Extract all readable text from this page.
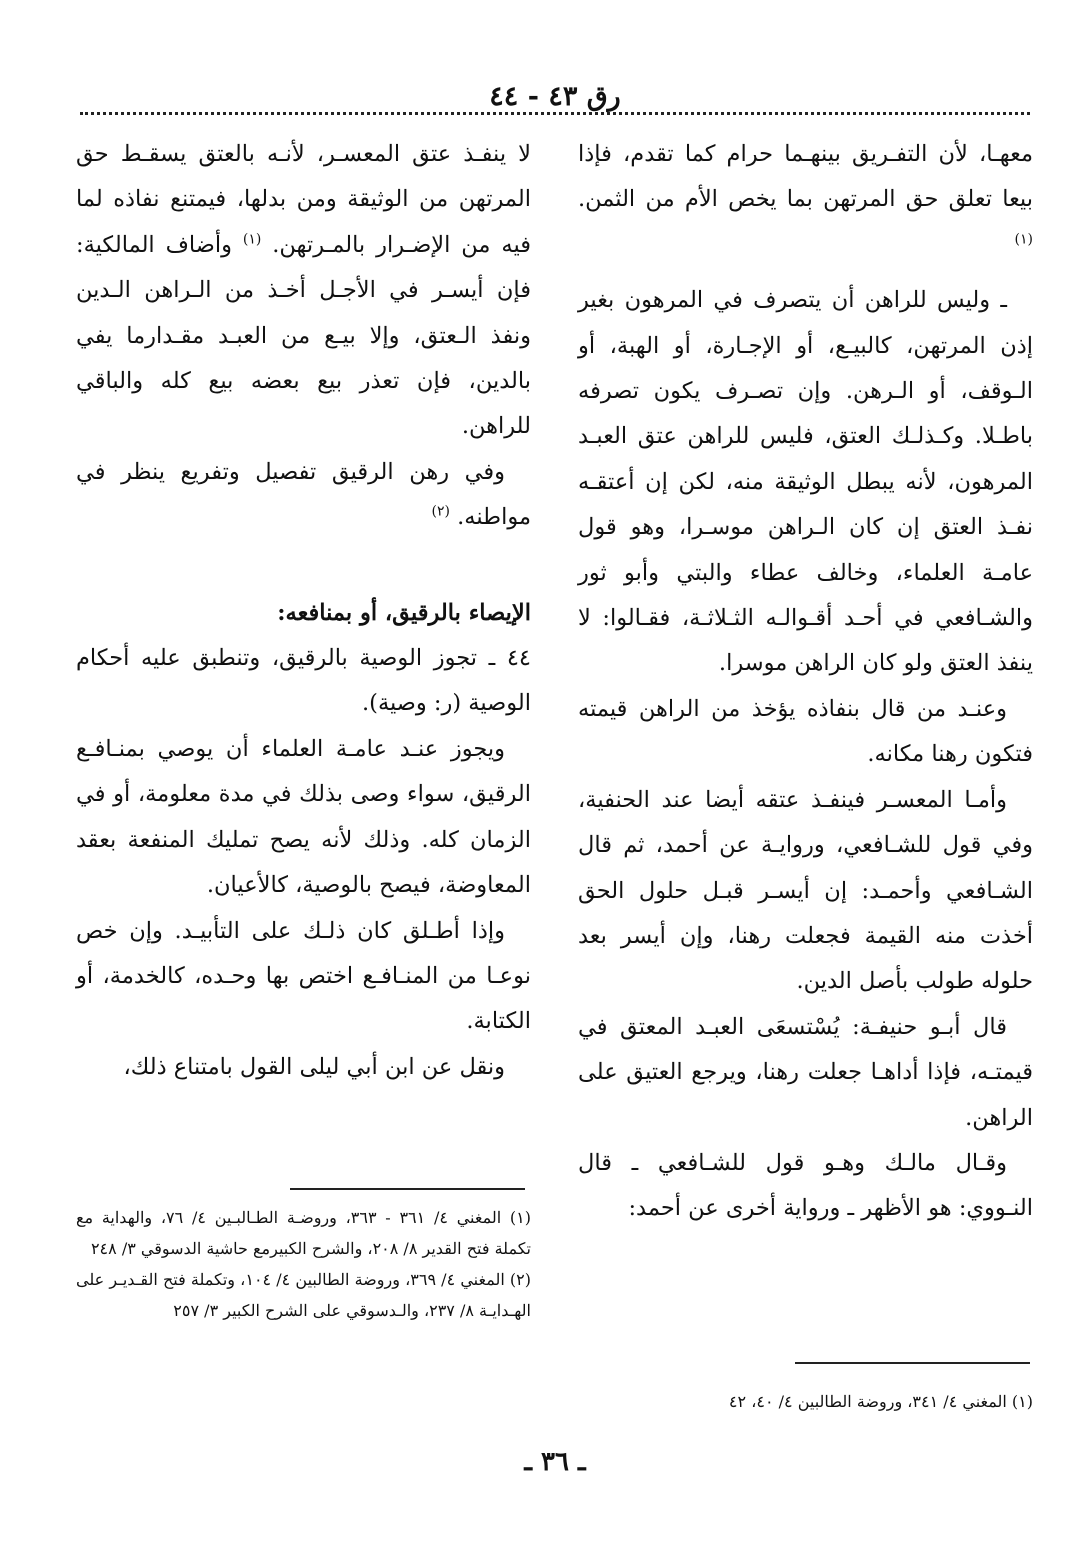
رق ٤٣ - ٤٤

معهـا، لأن التفـريق بينهـما حرام كما تقدم، فإذا بيعا تعلق حق المرتهن بما يخص الأم من الثمن. $^{(١)}$

ـ وليس للراهن أن يتصرف في المرهون بغير إذن المرتهن، كالبيـع، أو الإجـارة، أو الهبة، أو الـوقف، أو الـرهن. وإن تصـرف يكون تصرفه باطـلا. وكـذلـك العتق، فليس للراهن عتق العبـد المرهون، لأنه يبطل الوثيقة منه، لكن إن أعتقـه نفـذ العتق إن كان الـراهن موسـرا، وهو قول عامـة العلماء، وخالف عطاء والبتي وأبو ثور والشـافعي في أحـد أقـوالـه الثـلاثـة، فقـالوا: لا ينفذ العتق ولو كان الراهن موسرا.

وعنـد من قال بنفاذه يؤخذ من الراهن قيمته فتكون رهنا مكانه.

وأمـا المعسـر فينفـذ عتقه أيضا عند الحنفية، وفي قول للشـافعي، وروايـة عن أحمد، ثم قال الشـافعي وأحمـد: إن أيسـر قبـل حلول الحق أخذت منه القيمة فجعلت رهنا، وإن أيسر بعد حلوله طولب بأصل الدين.

قال أبـو حنيفـة: يُسْتسعَى العبـد المعتق في قيمتـه، فإذا أداهـا جعلت رهنا، ويرجع العتيق على الراهن.

وقـال مالـك وهـو قول للشـافعي ـ قال النـووي: هو الأظهر ـ ورواية أخرى عن أحمد:

لا ينفـذ عتق المعسـر، لأنـه بالعتق يسقـط حق المرتهن من الوثيقة ومن بدلها، فيمتنع نفاذه لما فيه من الإضـرار بالمـرتهن. $^{(١)}$ وأضاف المالكية: فإن أيسـر في الأجـل أخـذ من الـراهن الـدين ونفذ الـعتق، وإلا بيـع من العبـد مقـدارما يفي بالدين، فإن تعذر بيع بعضه بيع كله والباقي للراهن.

وفي رهن الرقيق تفصيل وتفريع ينظر في مواطنه. $^{(٢)}$

الإيصاء بالرقيق، أو بمنافعه:

٤٤ ـ تجوز الوصية بالرقيق، وتنطبق عليه أحكام الوصية (ر: وصية).

ويجوز عنـد عامـة العلماء أن يوصي بمنـافـع الرقيق، سواء وصى بذلك في مدة معلومة، أو في الزمان كله. وذلك لأنه يصح تمليك المنفعة بعقد المعاوضة، فيصح بالوصية، كالأعيان.

وإذا أطـلق كان ذلـك على التأبيـد. وإن خص نوعـا من المنـافـع اختص بها وحـده، كالخدمة، أو الكتابة.

ونقل عن ابن أبي ليلى القول بامتناع ذلك،

(١) المغني ٤/ ٣٦١ - ٣٦٣، وروضـة الطـالبـين ٤/ ٧٦، والهداية مع تكملة فتح القدير ٨/ ٢٠٨، والشرح الكبيرمع حاشية الدسوقي ٣/ ٢٤٨

(٢) المغني ٤/ ٣٦٩، وروضة الطالبين ٤/ ١٠٤، وتكملة فتح القـديـر على الهـدايـة ٨/ ٢٣٧، والـدسوقي على الشرح الكبير ٣/ ٢٥٧

(١) المغني ٤/ ٣٤١، وروضة الطالبين ٤/ ٤٠، ٤٢

ـ ٣٦ ـ
